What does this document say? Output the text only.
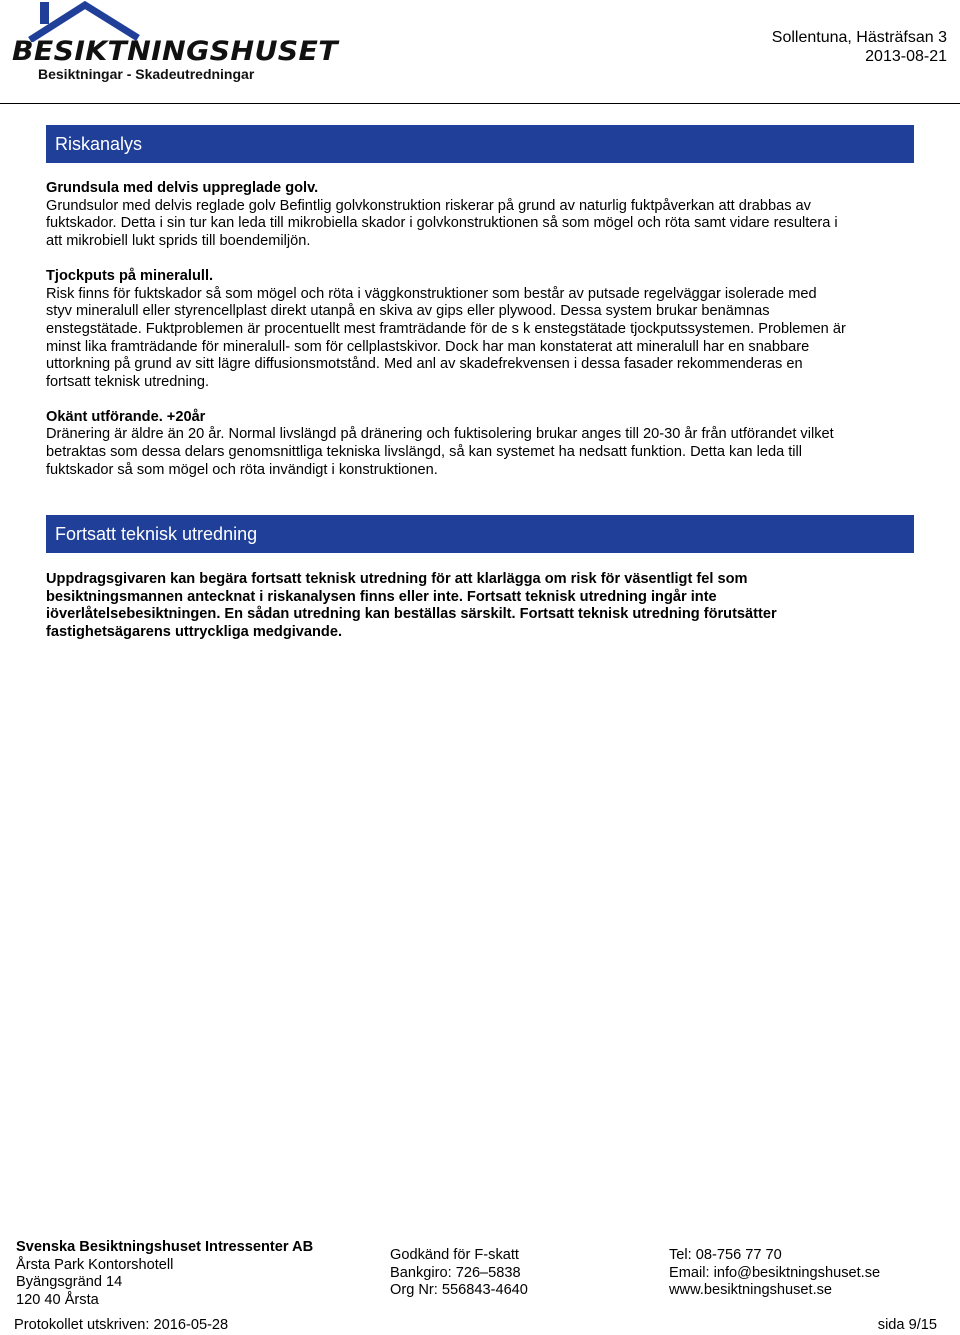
BESIKTNINGSHUSET
Besiktningar - Skadeutredningar
Sollentuna, Hästräfsan 3
2013-08-21
Riskanalys

Grundsula med delvis uppreglade golv.

Grundsulor med delvis reglade golv Befintlig golvkonstruktion riskerar på grund av naturlig fuktpåverkan att drabbas av fuktskador. Detta i sin tur kan leda till mikrobiella skador i golvkonstruktionen så som mögel och röta samt vidare resultera i att mikrobiell lukt sprids till boendemiljön.

Tjockputs på mineralull.

Risk finns för fuktskador så som mögel och röta i väggkonstruktioner som består av putsade regelväggar isolerade med styv mineralull eller styrencellplast direkt utanpå en skiva av gips eller plywood. Dessa system brukar benämnas enstegstätade. Fuktproblemen är procentuellt mest framträdande för de s k enstegstätade tjockputssystemen. Problemen är minst lika framträdande för mineralull- som för cellplastskivor. Dock har man konstaterat att mineralull har en snabbare uttorkning på grund av sitt lägre diffusionsmotstånd. Med anl av skadefrekvensen i dessa fasader rekommenderas en fortsatt teknisk utredning.

Okänt utförande. +20år

Dränering är äldre än 20 år. Normal livslängd på dränering och fuktisolering brukar anges till 20-30 år från utförandet vilket betraktas som dessa delars genomsnittliga tekniska livslängd, så kan systemet ha nedsatt funktion. Detta kan leda till fuktskador så som mögel och röta invändigt i konstruktionen.

Fortsatt teknisk utredning
Uppdragsgivaren kan begära fortsatt teknisk utredning för att klarlägga om risk för väsentligt fel som besiktningsmannen antecknat i riskanalysen finns eller inte. Fortsatt teknisk utredning ingår inte iöverlåtelsebesiktningen. En sådan utredning kan beställas särskilt. Fortsatt teknisk utredning förutsätter fastighetsägarens uttryckliga medgivande.
Svenska Besiktningshuset Intressenter AB
Årsta Park Kontorshotell
Byängsgränd 14
120 40 Årsta
Godkänd för F-skatt
Bankgiro: 726–5838
Org Nr: 556843-4640
Tel: 08-756 77 70
Email: info@besiktningshuset.se
www.besiktningshuset.se
Protokollet utskriven: 2016-05-28	sida 9/15
